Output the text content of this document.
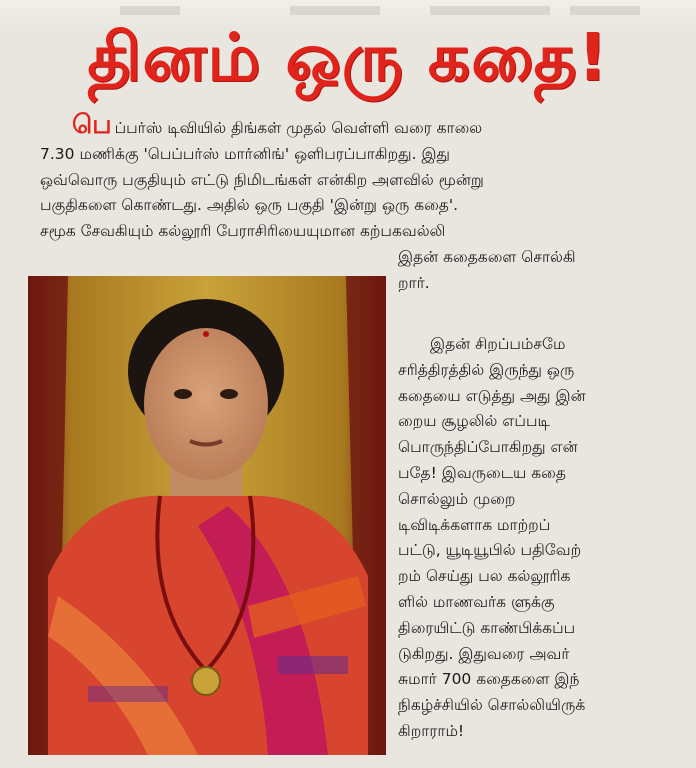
தினம் ஒரு கதை!
பெப்பர்ஸ் டிவியில் திங்கள் முதல் வெள்ளி வரை காலை
7.30 மணிக்கு 'பெப்பர்ஸ் மார்னிங்' ஒளிபரப்பாகிறது. இது
ஒவ்வொரு பகுதியும் எட்டு நிமிடங்கள் என்கிற அளவில் மூன்று
பகுதிகளை கொண்டது. அதில் ஒரு பகுதி 'இன்று ஒரு கதை'.
சமூக சேவகியும் கல்லூரி பேராசிரியையுமான கற்பகவல்லி
இதன் கதைகளை சொல்கி
றார்.
இதன் சிறப்பம்சமே
சரித்திரத்தில் இருந்து ஒரு
கதையை எடுத்து அது இன்
றைய சூழலில் எப்படி
பொருந்திப்போகிறது என்
பதே! இவருடைய கதை
சொல்லும் முறை
டிவிடிக்களாக மாற்றப்
பட்டு, யூடியூபில் பதிவேற்
றம் செய்து பல கல்லூரிக
ளில் மாணவர்க ளுக்கு
திரையிட்டு காண்பிக்கப்ப
டுகிறது. இதுவரை அவர்
சுமார் 700 கதைகளை இந்
நிகழ்ச்சியில் சொல்லியிருக்
கிறாராம்!
